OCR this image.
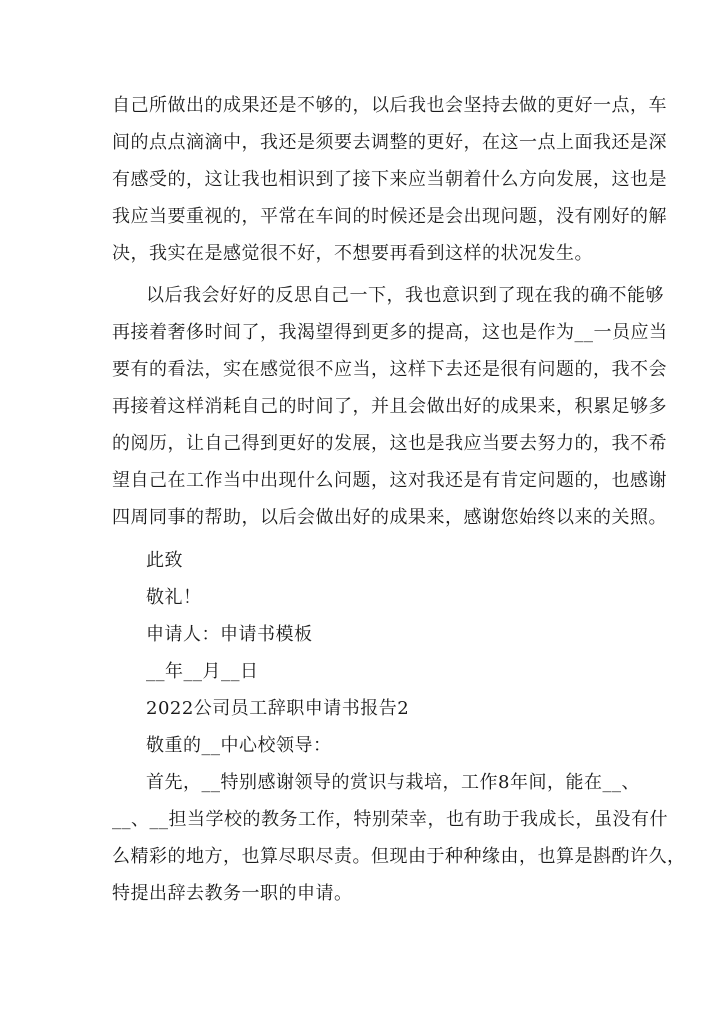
自己所做出的成果还是不够的，以后我也会坚持去做的更好一点，车
间的点点滴滴中，我还是须要去调整的更好，在这一点上面我还是深
有感受的，这让我也相识到了接下来应当朝着什么方向发展，这也是
我应当要重视的，平常在车间的时候还是会出现问题，没有刚好的解
决，我实在是感觉很不好，不想要再看到这样的状况发生。
以后我会好好的反思自己一下，我也意识到了现在我的确不能够
再接着奢侈时间了，我渴望得到更多的提高，这也是作为__一员应当
要有的看法，实在感觉很不应当，这样下去还是很有问题的，我不会
再接着这样消耗自己的时间了，并且会做出好的成果来，积累足够多
的阅历，让自己得到更好的发展，这也是我应当要去努力的，我不希
望自己在工作当中出现什么问题，这对我还是有肯定问题的，也感谢
四周同事的帮助，以后会做出好的成果来，感谢您始终以来的关照。
此致
敬礼！
申请人：申请书模板
__年__月__日
2022公司员工辞职申请书报告2
敬重的__中心校领导：
首先，__特别感谢领导的赏识与栽培，工作8年间，能在__、
__、__担当学校的教务工作，特别荣幸，也有助于我成长，虽没有什
么精彩的地方，也算尽职尽责。但现由于种种缘由，也算是斟酌许久，
特提出辞去教务一职的申请。
